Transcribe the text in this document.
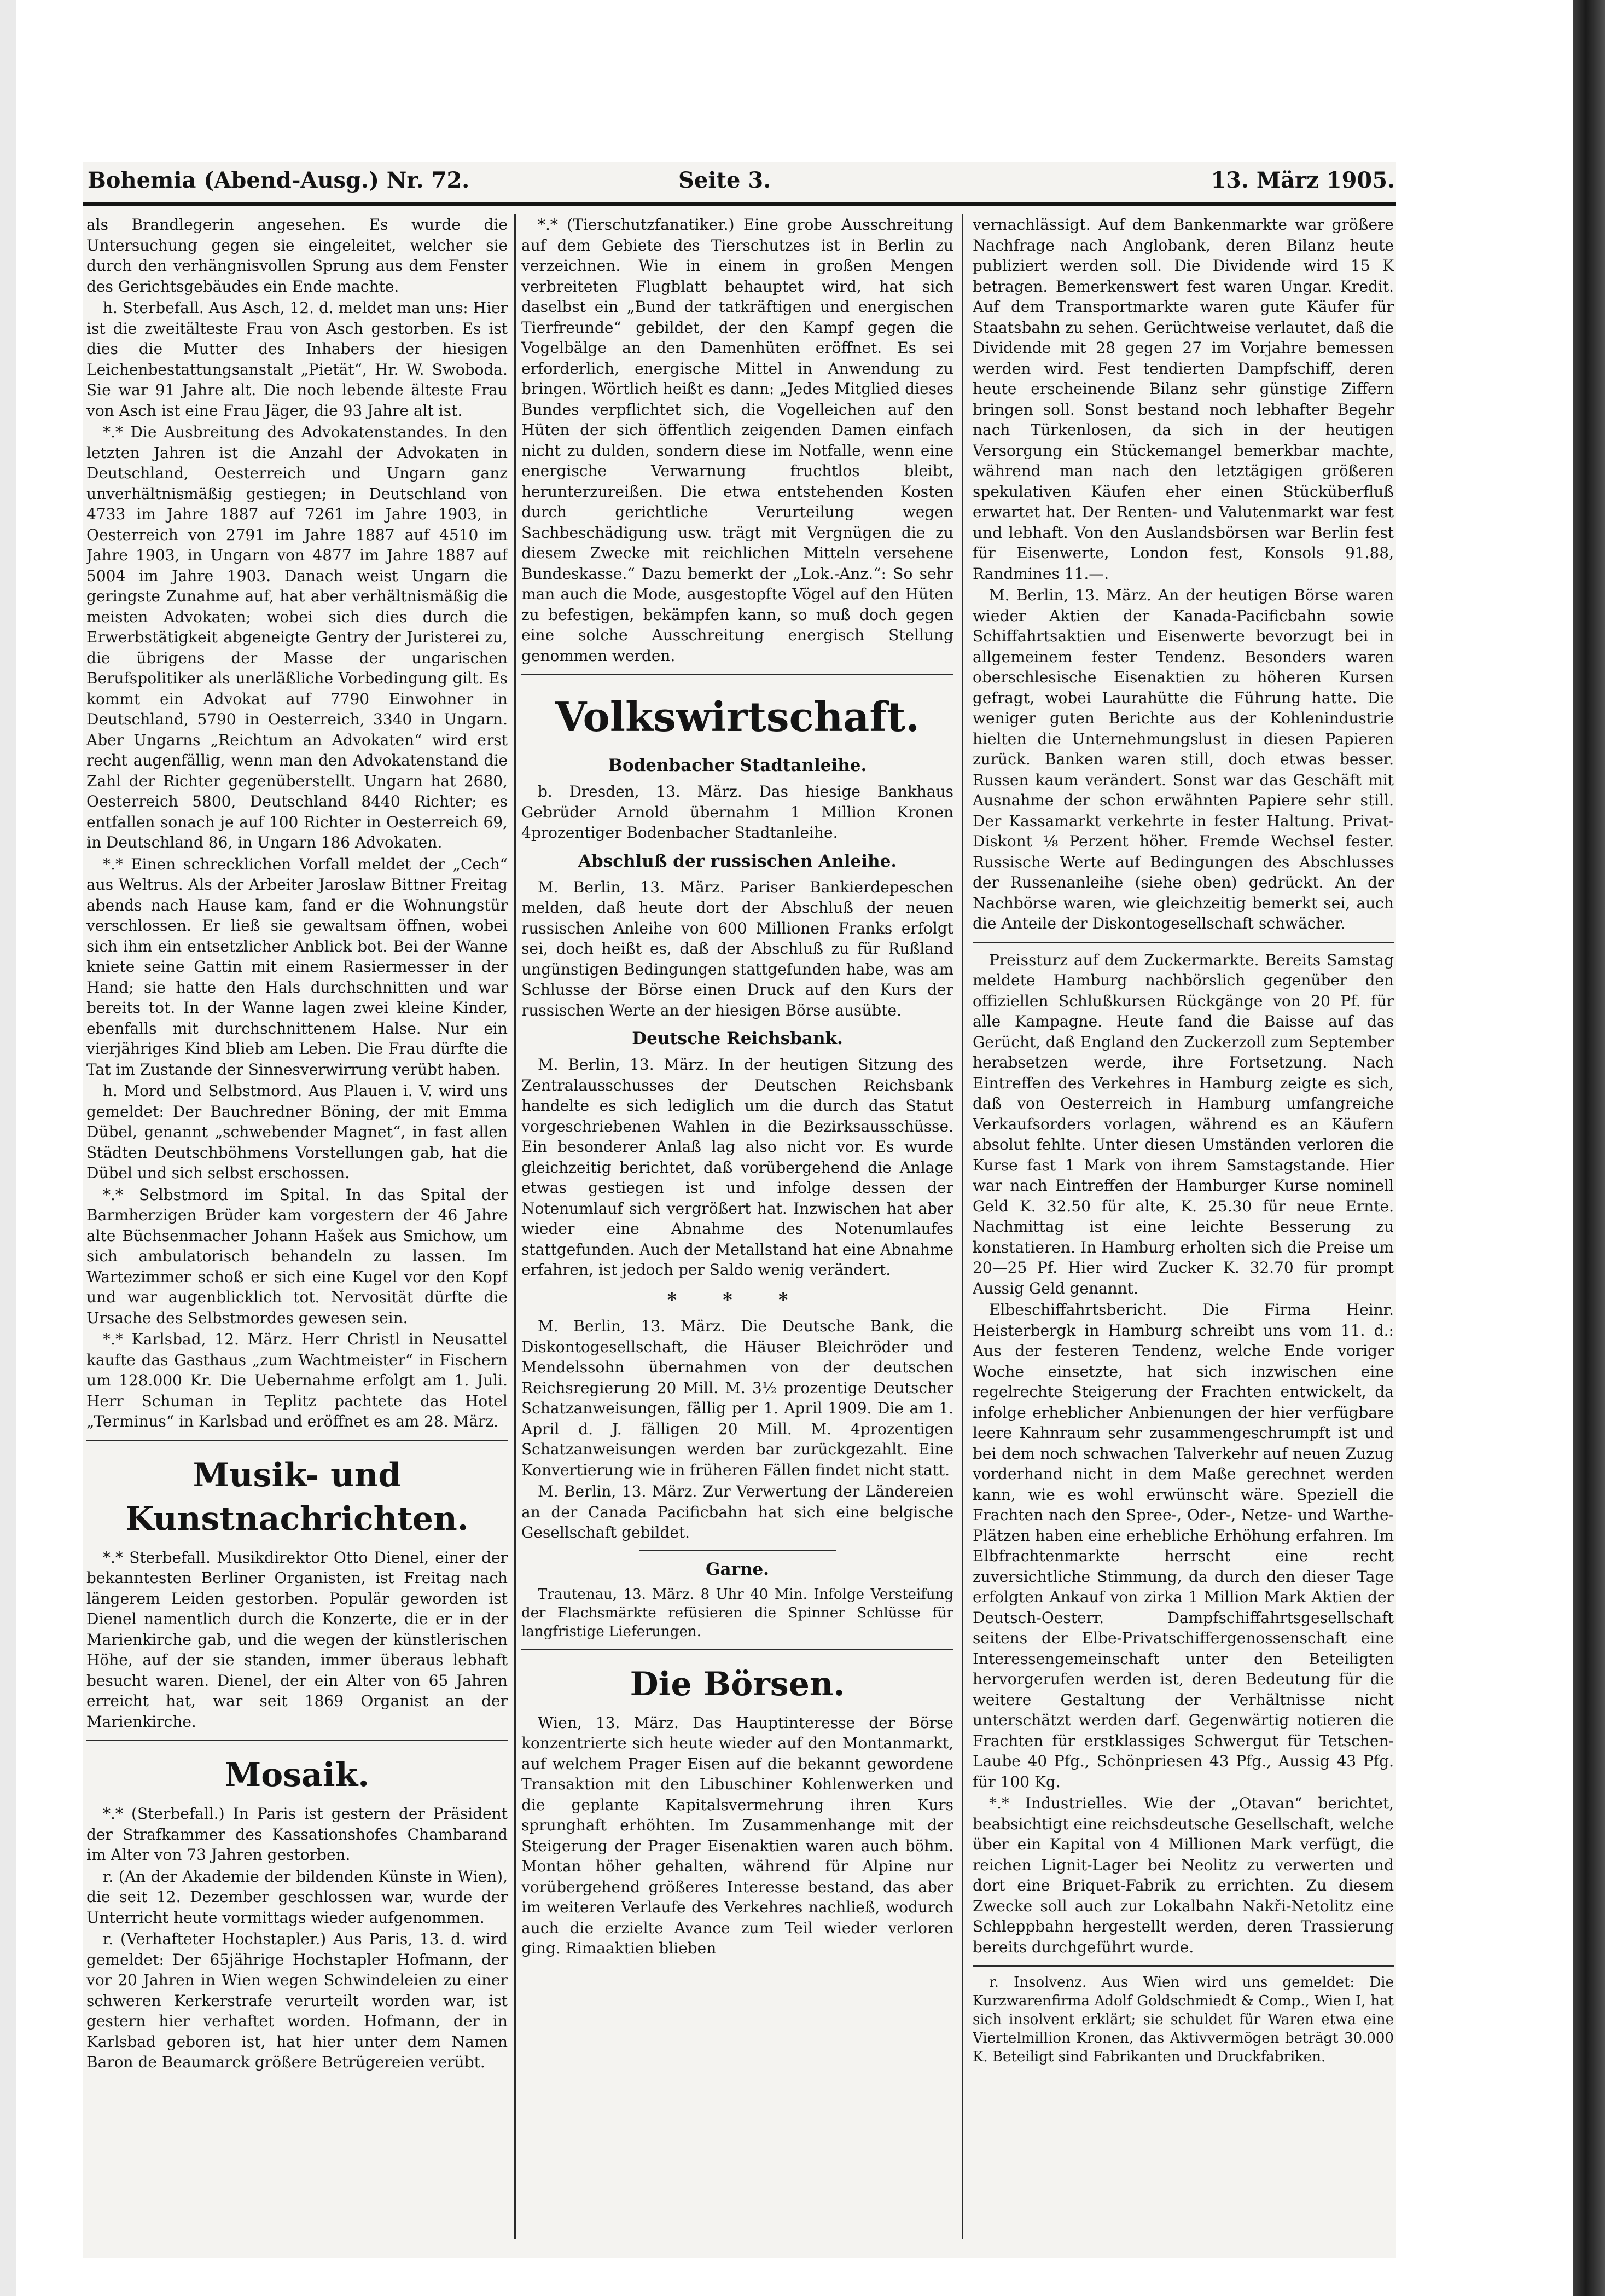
Bohemia (Abend-Ausg.) Nr. 72.	Seite 3.	13. März 1905.

als Brandlegerin angesehen. Es wurde die Untersuchung gegen sie eingeleitet, welcher sie durch den verhängnisvollen Sprung aus dem Fenster des Gerichtsgebäudes ein Ende machte.

h. Sterbefall. Aus Asch, 12. d. meldet man uns: Hier ist die zweitälteste Frau von Asch gestorben. Es ist dies die Mutter des Inhabers der hiesigen Leichenbestattungsanstalt „Pietät“, Hr. W. Swoboda. Sie war 91 Jahre alt. Die noch lebende älteste Frau von Asch ist eine Frau Jäger, die 93 Jahre alt ist.

*.* Die Ausbreitung des Advokatenstandes. In den letzten Jahren ist die Anzahl der Advokaten in Deutschland, Oesterreich und Ungarn ganz unverhältnismäßig gestiegen; in Deutschland von 4733 im Jahre 1887 auf 7261 im Jahre 1903, in Oesterreich von 2791 im Jahre 1887 auf 4510 im Jahre 1903, in Ungarn von 4877 im Jahre 1887 auf 5004 im Jahre 1903. Danach weist Ungarn die geringste Zunahme auf, hat aber verhältnismäßig die meisten Advokaten; wobei sich dies durch die Erwerbstätigkeit abgeneigte Gentry der Juristerei zu, die übrigens der Masse der ungarischen Berufspolitiker als unerläßliche Vorbedingung gilt. Es kommt ein Advokat auf 7790 Einwohner in Deutschland, 5790 in Oesterreich, 3340 in Ungarn. Aber Ungarns „Reichtum an Advokaten“ wird erst recht augenfällig, wenn man den Advokatenstand die Zahl der Richter gegenüberstellt. Ungarn hat 2680, Oesterreich 5800, Deutschland 8440 Richter; es entfallen sonach je auf 100 Richter in Oesterreich 69, in Deutschland 86, in Ungarn 186 Advokaten.

*.* Einen schrecklichen Vorfall meldet der „Cech“ aus Weltrus. Als der Arbeiter Jaroslaw Bittner Freitag abends nach Hause kam, fand er die Wohnungstür verschlossen. Er ließ sie gewaltsam öffnen, wobei sich ihm ein entsetzlicher Anblick bot. Bei der Wanne kniete seine Gattin mit einem Rasiermesser in der Hand; sie hatte den Hals durchschnitten und war bereits tot. In der Wanne lagen zwei kleine Kinder, ebenfalls mit durchschnittenem Halse. Nur ein vierjähriges Kind blieb am Leben. Die Frau dürfte die Tat im Zustande der Sinnesverwirrung verübt haben.

h. Mord und Selbstmord. Aus Plauen i. V. wird uns gemeldet: Der Bauchredner Böning, der mit Emma Dübel, genannt „schwebender Magnet“, in fast allen Städten Deutschböhmens Vorstellungen gab, hat die Dübel und sich selbst erschossen.

*.* Selbstmord im Spital. In das Spital der Barmherzigen Brüder kam vorgestern der 46 Jahre alte Büchsenmacher Johann Hašek aus Smichow, um sich ambulatorisch behandeln zu lassen. Im Wartezimmer schoß er sich eine Kugel vor den Kopf und war augenblicklich tot. Nervosität dürfte die Ursache des Selbstmordes gewesen sein.

*.* Karlsbad, 12. März. Herr Christl in Neusattel kaufte das Gasthaus „zum Wachtmeister“ in Fischern um 128.000 Kr. Die Uebernahme erfolgt am 1. Juli. Herr Schuman in Teplitz pachtete das Hotel „Terminus“ in Karlsbad und eröffnet es am 28. März.

Musik- und Kunstnachrichten.

*.* Sterbefall. Musikdirektor Otto Dienel, einer der bekanntesten Berliner Organisten, ist Freitag nach längerem Leiden gestorben. Populär geworden ist Dienel namentlich durch die Konzerte, die er in der Marienkirche gab, und die wegen der künstlerischen Höhe, auf der sie standen, immer überaus lebhaft besucht waren. Dienel, der ein Alter von 65 Jahren erreicht hat, war seit 1869 Organist an der Marienkirche.

Mosaik.

*.* (Sterbefall.) In Paris ist gestern der Präsident der Strafkammer des Kassationshofes Chambarand im Alter von 73 Jahren gestorben.

r. (An der Akademie der bildenden Künste in Wien), die seit 12. Dezember geschlossen war, wurde der Unterricht heute vormittags wieder aufgenommen.

r. (Verhafteter Hochstapler.) Aus Paris, 13. d. wird gemeldet: Der 65jährige Hochstapler Hofmann, der vor 20 Jahren in Wien wegen Schwindeleien zu einer schweren Kerkerstrafe verurteilt worden war, ist gestern hier verhaftet worden. Hofmann, der in Karlsbad geboren ist, hat hier unter dem Namen Baron de Beaumarck größere Betrügereien verübt.

*.* (Tierschutzfanatiker.) Eine grobe Ausschreitung auf dem Gebiete des Tierschutzes ist in Berlin zu verzeichnen. Wie in einem in großen Mengen verbreiteten Flugblatt behauptet wird, hat sich daselbst ein „Bund der tatkräftigen und energischen Tierfreunde“ gebildet, der den Kampf gegen die Vogelbälge an den Damenhüten eröffnet. Es sei erforderlich, energische Mittel in Anwendung zu bringen. Wörtlich heißt es dann: „Jedes Mitglied dieses Bundes verpflichtet sich, die Vogelleichen auf den Hüten der sich öffentlich zeigenden Damen einfach nicht zu dulden, sondern diese im Notfalle, wenn eine energische Verwarnung fruchtlos bleibt, herunterzureißen. Die etwa entstehenden Kosten durch gerichtliche Verurteilung wegen Sachbeschädigung usw. trägt mit Vergnügen die zu diesem Zwecke mit reichlichen Mitteln versehene Bundeskasse.“ Dazu bemerkt der „Lok.-Anz.“: So sehr man auch die Mode, ausgestopfte Vögel auf den Hüten zu befestigen, bekämpfen kann, so muß doch gegen eine solche Ausschreitung energisch Stellung genommen werden.

Volkswirtschaft.

Bodenbacher Stadtanleihe.

b. Dresden, 13. März. Das hiesige Bankhaus Gebrüder Arnold übernahm 1 Million Kronen 4prozentiger Bodenbacher Stadtanleihe.

Abschluß der russischen Anleihe.

M. Berlin, 13. März. Pariser Bankierdepeschen melden, daß heute dort der Abschluß der neuen russischen Anleihe von 600 Millionen Franks erfolgt sei, doch heißt es, daß der Abschluß zu für Rußland ungünstigen Bedingungen stattgefunden habe, was am Schlusse der Börse einen Druck auf den Kurs der russischen Werte an der hiesigen Börse ausübte.

Deutsche Reichsbank.

M. Berlin, 13. März. In der heutigen Sitzung des Zentralausschusses der Deutschen Reichsbank handelte es sich lediglich um die durch das Statut vorgeschriebenen Wahlen in die Bezirksausschüsse. Ein besonderer Anlaß lag also nicht vor. Es wurde gleichzeitig berichtet, daß vorübergehend die Anlage etwas gestiegen ist und infolge dessen der Notenumlauf sich vergrößert hat. Inzwischen hat aber wieder eine Abnahme des Notenumlaufes stattgefunden. Auch der Metallstand hat eine Abnahme erfahren, ist jedoch per Saldo wenig verändert.

* * *

M. Berlin, 13. März. Die Deutsche Bank, die Diskontogesellschaft, die Häuser Bleichröder und Mendelssohn übernahmen von der deutschen Reichsregierung 20 Mill. M. 3½ prozentige Deutscher Schatzanweisungen, fällig per 1. April 1909. Die am 1. April d. J. fälligen 20 Mill. M. 4prozentigen Schatzanweisungen werden bar zurückgezahlt. Eine Konvertierung wie in früheren Fällen findet nicht statt.

M. Berlin, 13. März. Zur Verwertung der Ländereien an der Canada Pacificbahn hat sich eine belgische Gesellschaft gebildet.

Garne.

Trautenau, 13. März. 8 Uhr 40 Min. Infolge Versteifung der Flachsmärkte refüsieren die Spinner Schlüsse für langfristige Lieferungen.

Die Börsen.

Wien, 13. März. Das Hauptinteresse der Börse konzentrierte sich heute wieder auf den Montanmarkt, auf welchem Prager Eisen auf die bekannt gewordene Transaktion mit den Libuschiner Kohlenwerken und die geplante Kapitalsvermehrung ihren Kurs sprunghaft erhöhten. Im Zusammenhange mit der Steigerung der Prager Eisenaktien waren auch böhm. Montan höher gehalten, während für Alpine nur vorübergehend größeres Interesse bestand, das aber im weiteren Verlaufe des Verkehres nachließ, wodurch auch die erzielte Avance zum Teil wieder verloren ging. Rimaaktien blieben

vernachlässigt. Auf dem Bankenmarkte war größere Nachfrage nach Anglobank, deren Bilanz heute publiziert werden soll. Die Dividende wird 15 K betragen. Bemerkenswert fest waren Ungar. Kredit. Auf dem Transportmarkte waren gute Käufer für Staatsbahn zu sehen. Gerüchtweise verlautet, daß die Dividende mit 28 gegen 27 im Vorjahre bemessen werden wird. Fest tendierten Dampfschiff, deren heute erscheinende Bilanz sehr günstige Ziffern bringen soll. Sonst bestand noch lebhafter Begehr nach Türkenlosen, da sich in der heutigen Versorgung ein Stückemangel bemerkbar machte, während man nach den letztägigen größeren spekulativen Käufen eher einen Stücküberfluß erwartet hat. Der Renten- und Valutenmarkt war fest und lebhaft. Von den Auslandsbörsen war Berlin fest für Eisenwerte, London fest, Konsols 91.88, Randmines 11.—.

M. Berlin, 13. März. An der heutigen Börse waren wieder Aktien der Kanada-Pacificbahn sowie Schiffahrtsaktien und Eisenwerte bevorzugt bei in allgemeinem fester Tendenz. Besonders waren oberschlesische Eisenaktien zu höheren Kursen gefragt, wobei Laurahütte die Führung hatte. Die weniger guten Berichte aus der Kohlenindustrie hielten die Unternehmungslust in diesen Papieren zurück. Banken waren still, doch etwas besser. Russen kaum verändert. Sonst war das Geschäft mit Ausnahme der schon erwähnten Papiere sehr still. Der Kassamarkt verkehrte in fester Haltung. Privat-Diskont ⅛ Perzent höher. Fremde Wechsel fester. Russische Werte auf Bedingungen des Abschlusses der Russenanleihe (siehe oben) gedrückt. An der Nachbörse waren, wie gleichzeitig bemerkt sei, auch die Anteile der Diskontogesellschaft schwächer.

Preissturz auf dem Zuckermarkte. Bereits Samstag meldete Hamburg nachbörslich gegenüber den offiziellen Schlußkursen Rückgänge von 20 Pf. für alle Kampagne. Heute fand die Baisse auf das Gerücht, daß England den Zuckerzoll zum September herabsetzen werde, ihre Fortsetzung. Nach Eintreffen des Verkehres in Hamburg zeigte es sich, daß von Oesterreich in Hamburg umfangreiche Verkaufsorders vorlagen, während es an Käufern absolut fehlte. Unter diesen Umständen verloren die Kurse fast 1 Mark von ihrem Samstagstande. Hier war nach Eintreffen der Hamburger Kurse nominell Geld K. 32.50 für alte, K. 25.30 für neue Ernte. Nachmittag ist eine leichte Besserung zu konstatieren. In Hamburg erholten sich die Preise um 20—25 Pf. Hier wird Zucker K. 32.70 für prompt Aussig Geld genannt.

Elbeschiffahrtsbericht. Die Firma Heinr. Heisterbergk in Hamburg schreibt uns vom 11. d.: Aus der festeren Tendenz, welche Ende voriger Woche einsetzte, hat sich inzwischen eine regelrechte Steigerung der Frachten entwickelt, da infolge erheblicher Anbienungen der hier verfügbare leere Kahnraum sehr zusammengeschrumpft ist und bei dem noch schwachen Talverkehr auf neuen Zuzug vorderhand nicht in dem Maße gerechnet werden kann, wie es wohl erwünscht wäre. Speziell die Frachten nach den Spree-, Oder-, Netze- und Warthe-Plätzen haben eine erhebliche Erhöhung erfahren. Im Elbfrachtenmarkte herrscht eine recht zuversichtliche Stimmung, da durch den dieser Tage erfolgten Ankauf von zirka 1 Million Mark Aktien der Deutsch-Oesterr. Dampfschiffahrtsgesellschaft seitens der Elbe-Privatschiffergenossenschaft eine Interessengemeinschaft unter den Beteiligten hervorgerufen werden ist, deren Bedeutung für die weitere Gestaltung der Verhältnisse nicht unterschätzt werden darf. Gegenwärtig notieren die Frachten für erstklassiges Schwergut für Tetschen-Laube 40 Pfg., Schönpriesen 43 Pfg., Aussig 43 Pfg. für 100 Kg.

*.* Industrielles. Wie der „Otavan“ berichtet, beabsichtigt eine reichsdeutsche Gesellschaft, welche über ein Kapital von 4 Millionen Mark verfügt, die reichen Lignit-Lager bei Neolitz zu verwerten und dort eine Briquet-Fabrik zu errichten. Zu diesem Zwecke soll auch zur Lokalbahn Nakři-Netolitz eine Schleppbahn hergestellt werden, deren Trassierung bereits durchgeführt wurde.

r. Insolvenz. Aus Wien wird uns gemeldet: Die Kurzwarenfirma Adolf Goldschmiedt & Comp., Wien I, hat sich insolvent erklärt; sie schuldet für Waren etwa eine Viertelmillion Kronen, das Aktivvermögen beträgt 30.000 K. Beteiligt sind Fabrikanten und Druckfabriken.
